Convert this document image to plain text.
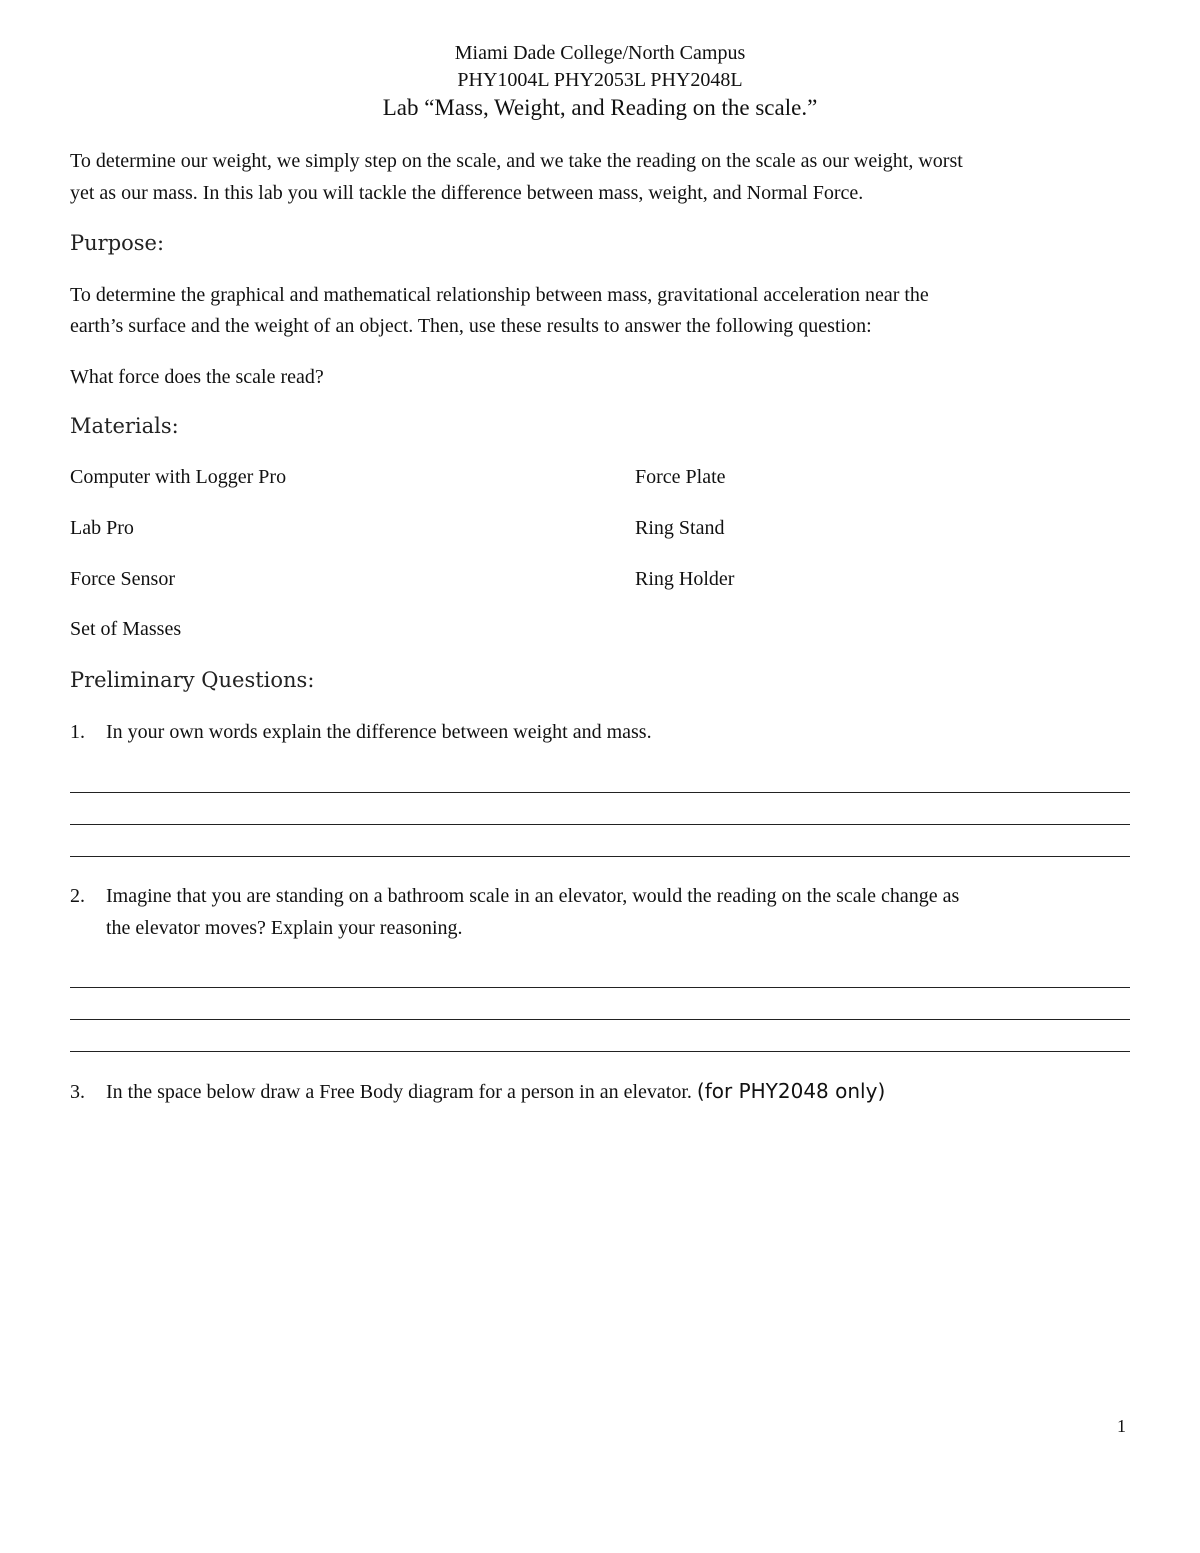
Miami Dade College/North Campus
PHY1004L PHY2053L PHY2048L
Lab “Mass, Weight, and Reading on the scale.”
To determine our weight, we simply step on the scale, and we take the reading on the scale as our weight, worst
yet as our mass. In this lab you will tackle the difference between mass, weight, and Normal Force.
Purpose:
To determine the graphical and mathematical relationship between mass, gravitational acceleration near the
earth’s surface and the weight of an object. Then, use these results to answer the following question:
What force does the scale read?
Materials:
Computer with Logger Pro	Force Plate
Lab Pro	Ring Stand
Force Sensor	Ring Holder
Set of Masses
Preliminary Questions:
1. In your own words explain the difference between weight and mass.
2. Imagine that you are standing on a bathroom scale in an elevator, would the reading on the scale change as
the elevator moves? Explain your reasoning.
3. In the space below draw a Free Body diagram for a person in an elevator. (for PHY2048 only)
1
